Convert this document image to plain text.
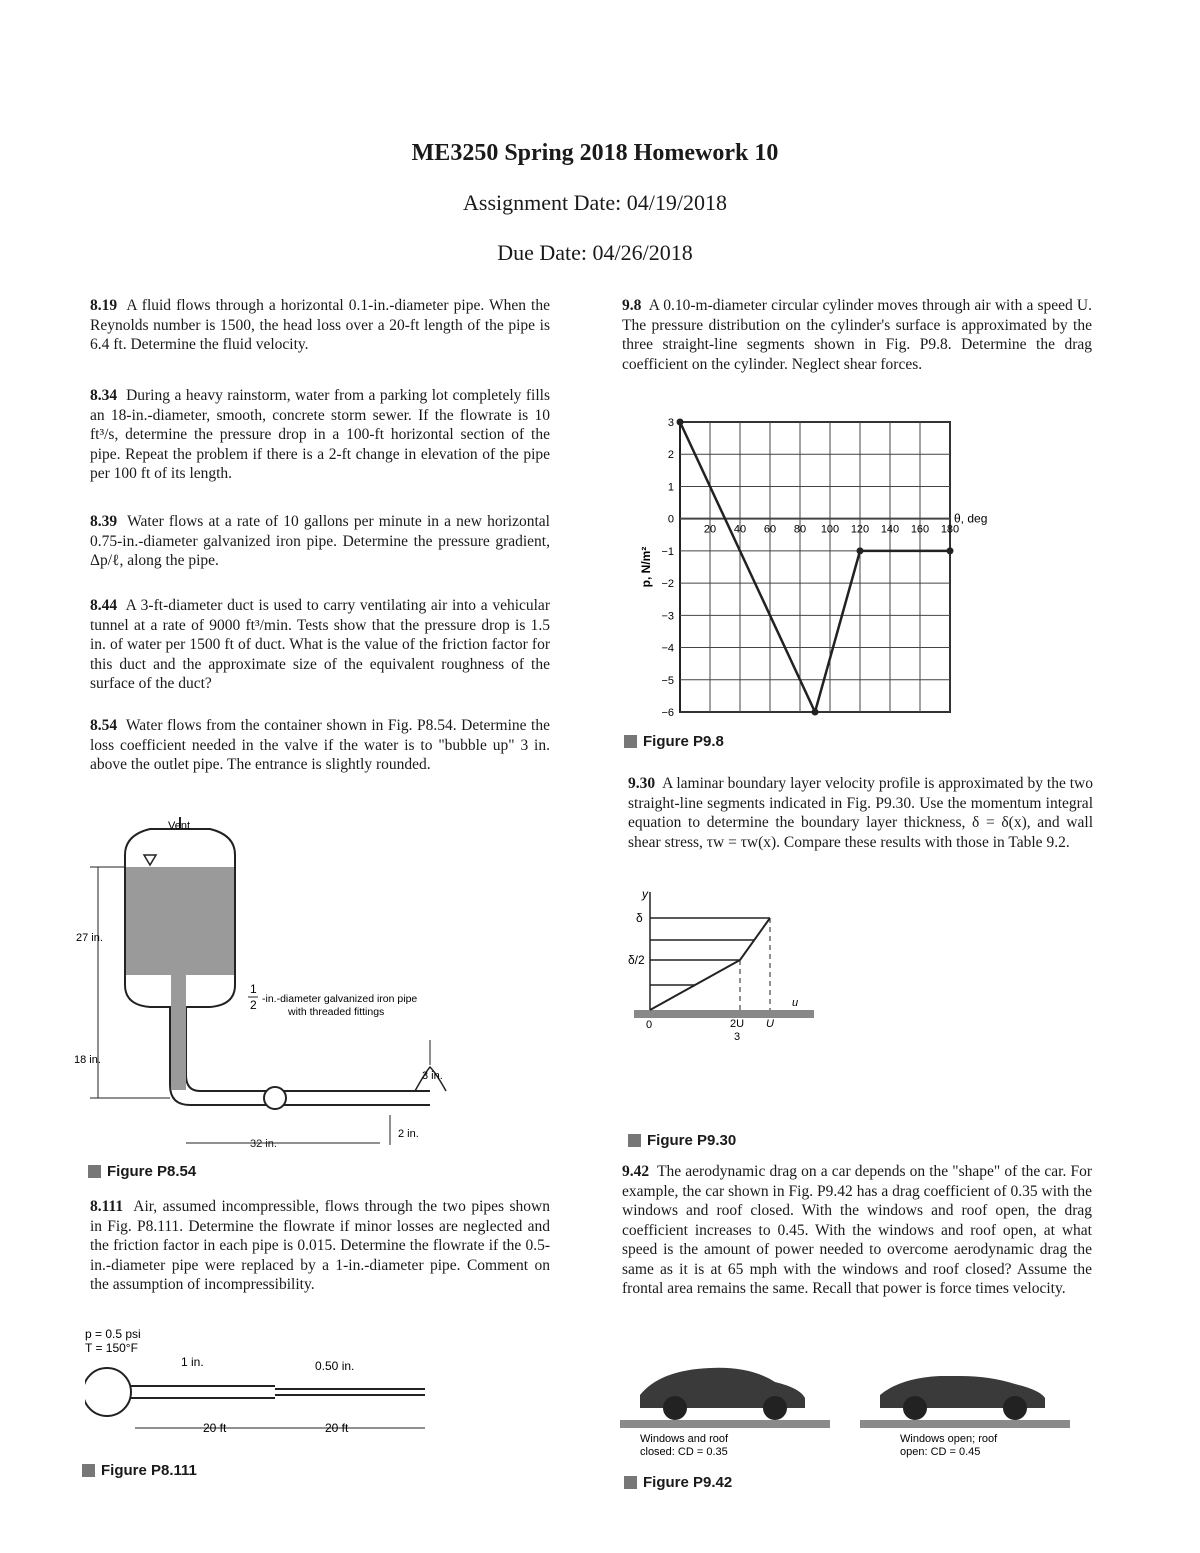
ME3250 Spring 2018 Homework 10
Assignment Date: 04/19/2018
Due Date: 04/26/2018
8.19 A fluid flows through a horizontal 0.1-in.-diameter pipe. When the Reynolds number is 1500, the head loss over a 20-ft length of the pipe is 6.4 ft. Determine the fluid velocity.
8.34 During a heavy rainstorm, water from a parking lot completely fills an 18-in.-diameter, smooth, concrete storm sewer. If the flowrate is 10 ft³/s, determine the pressure drop in a 100-ft horizontal section of the pipe. Repeat the problem if there is a 2-ft change in elevation of the pipe per 100 ft of its length.
8.39 Water flows at a rate of 10 gallons per minute in a new horizontal 0.75-in.-diameter galvanized iron pipe. Determine the pressure gradient, Δp/ℓ, along the pipe.
8.44 A 3-ft-diameter duct is used to carry ventilating air into a vehicular tunnel at a rate of 9000 ft³/min. Tests show that the pressure drop is 1.5 in. of water per 1500 ft of duct. What is the value of the friction factor for this duct and the approximate size of the equivalent roughness of the surface of the duct?
8.54 Water flows from the container shown in Fig. P8.54. Determine the loss coefficient needed in the valve if the water is to "bubble up" 3 in. above the outlet pipe. The entrance is slightly rounded.
Vent
27 in.
18 in.
1
2 -in.-diameter galvanized iron pipe
with threaded fittings
3 in.
2 in.
32 in.
Figure P8.54
8.111 Air, assumed incompressible, flows through the two pipes shown in Fig. P8.111. Determine the flowrate if minor losses are neglected and the friction factor in each pipe is 0.015. Determine the flowrate if the 0.5-in.-diameter pipe were replaced by a 1-in.-diameter pipe. Comment on the assumption of incompressibility.
p = 0.5 psi
T = 150°F
1 in.	0.50 in.
20 ft	20 ft
Figure P8.111
9.8 A 0.10-m-diameter circular cylinder moves through air with a speed U. The pressure distribution on the cylinder's surface is approximated by the three straight-line segments shown in Fig. P9.8. Determine the drag coefficient on the cylinder. Neglect shear forces.
3
2
1
0
−1
−2
−3
−4
−5
−6
20 40 60 80 100 120 140 160 180
θ, deg
p, N/m²
Figure P9.8
9.30 A laminar boundary layer velocity profile is approximated by the two straight-line segments indicated in Fig. P9.30. Use the momentum integral equation to determine the boundary layer thickness, δ = δ(x), and wall shear stress, τw = τw(x). Compare these results with those in Table 9.2.
y
δ
δ/2
0	2U
3
U
u
Figure P9.30
9.42 The aerodynamic drag on a car depends on the "shape" of the car. For example, the car shown in Fig. P9.42 has a drag coefficient of 0.35 with the windows and roof closed. With the windows and roof open, the drag coefficient increases to 0.45. With the windows and roof open, at what speed is the amount of power needed to overcome aerodynamic drag the same as it is at 65 mph with the windows and roof closed? Assume the frontal area remains the same. Recall that power is force times velocity.
Windows and roof
closed: CD = 0.35
Windows open; roof
open: CD = 0.45
Figure P9.42
